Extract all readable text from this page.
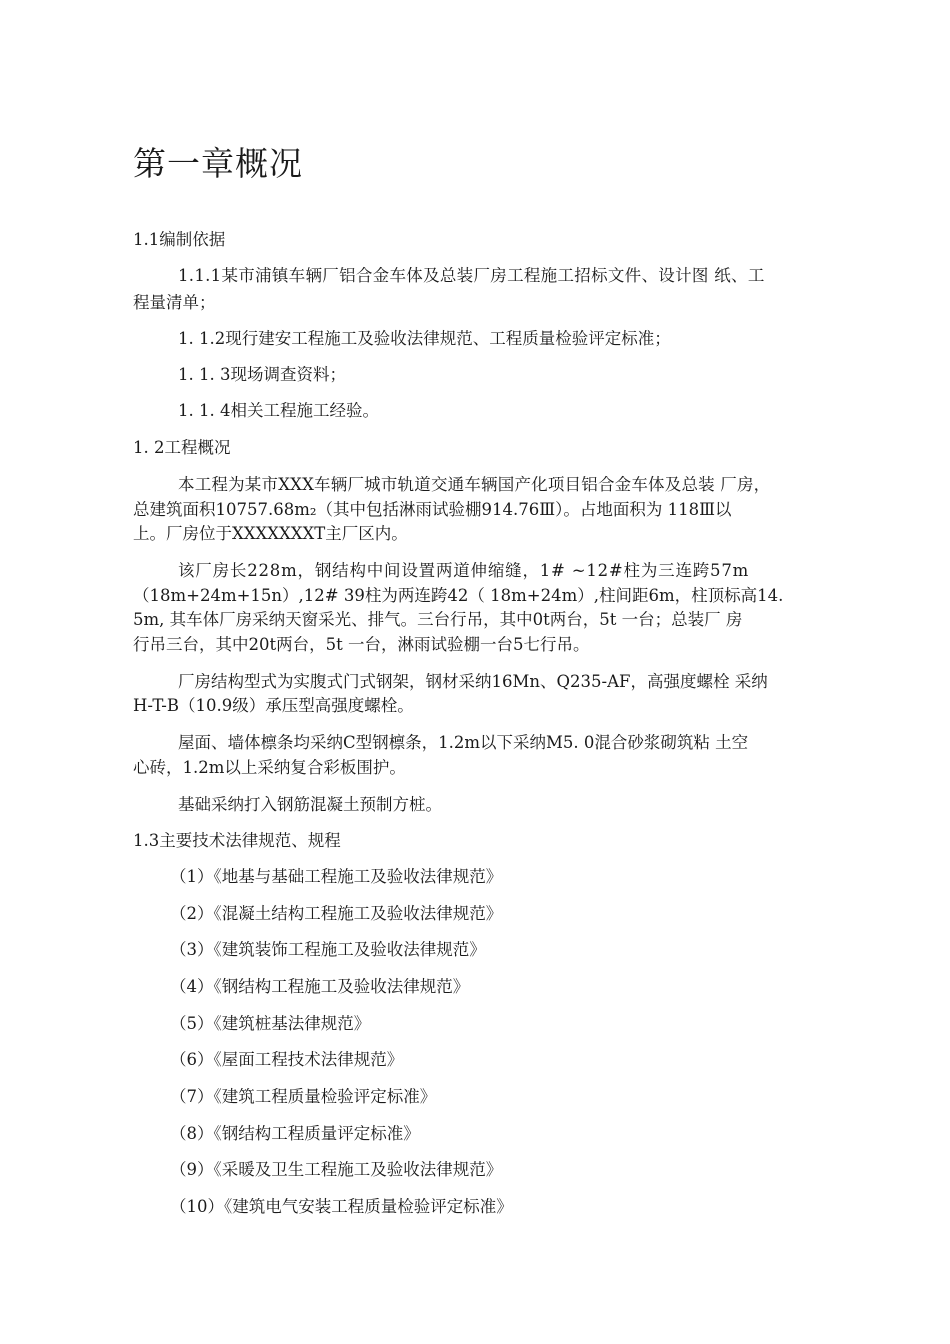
第一章概况
1.1编制依据
1.1.1某市浦镇车辆厂铝合金车体及总装厂房工程施工招标文件、设计图 纸、工
程量清单；
1. 1.2现行建安工程施工及验收法律规范、工程质量检验评定标准；
1. 1. 3现场调查资料；
1. 1. 4相关工程施工经验。
1. 2工程概况
本工程为某市XXX车辆厂城市轨道交通车辆国产化项目铝合金车体及总装 厂房，
总建筑面积10757.68m₂（其中包括淋雨试验棚914.76Ⅲ）。占地面积为 118Ⅲ以
上。厂房位于XXXXXXXT主厂区内。
该厂房长228m，钢结构中间设置两道伸缩缝，1# ~12#柱为三连跨57m
（18m+24m+15n）,12# 39柱为两连跨42（ 18m+24m）,柱间距6m，柱顶标高14.
5m, 其车体厂房采纳天窗采光、排气。三台行吊，其中0t两台，5t 一台；总装厂 房
行吊三台，其中20t两台，5t 一台，淋雨试验棚一台5七行吊。
厂房结构型式为实腹式门式钢架，钢材采纳16Mn、Q235-AF，高强度螺栓 采纳
H-T-B（10.9级）承压型高强度螺栓。
屋面、墙体檩条均采纳C型钢檩条，1.2m以下采纳M5. 0混合砂浆砌筑粘 土空
心砖，1.2m以上采纳复合彩板围护。
基础采纳打入钢筋混凝土预制方桩。
1.3主要技术法律规范、规程
（1）《地基与基础工程施工及验收法律规范》
（2）《混凝土结构工程施工及验收法律规范》
（3）《建筑装饰工程施工及验收法律规范》
（4）《钢结构工程施工及验收法律规范》
（5）《建筑桩基法律规范》
（6）《屋面工程技术法律规范》
（7）《建筑工程质量检验评定标准》
（8）《钢结构工程质量评定标准》
（9）《采暖及卫生工程施工及验收法律规范》
（10）《建筑电气安装工程质量检验评定标准》
